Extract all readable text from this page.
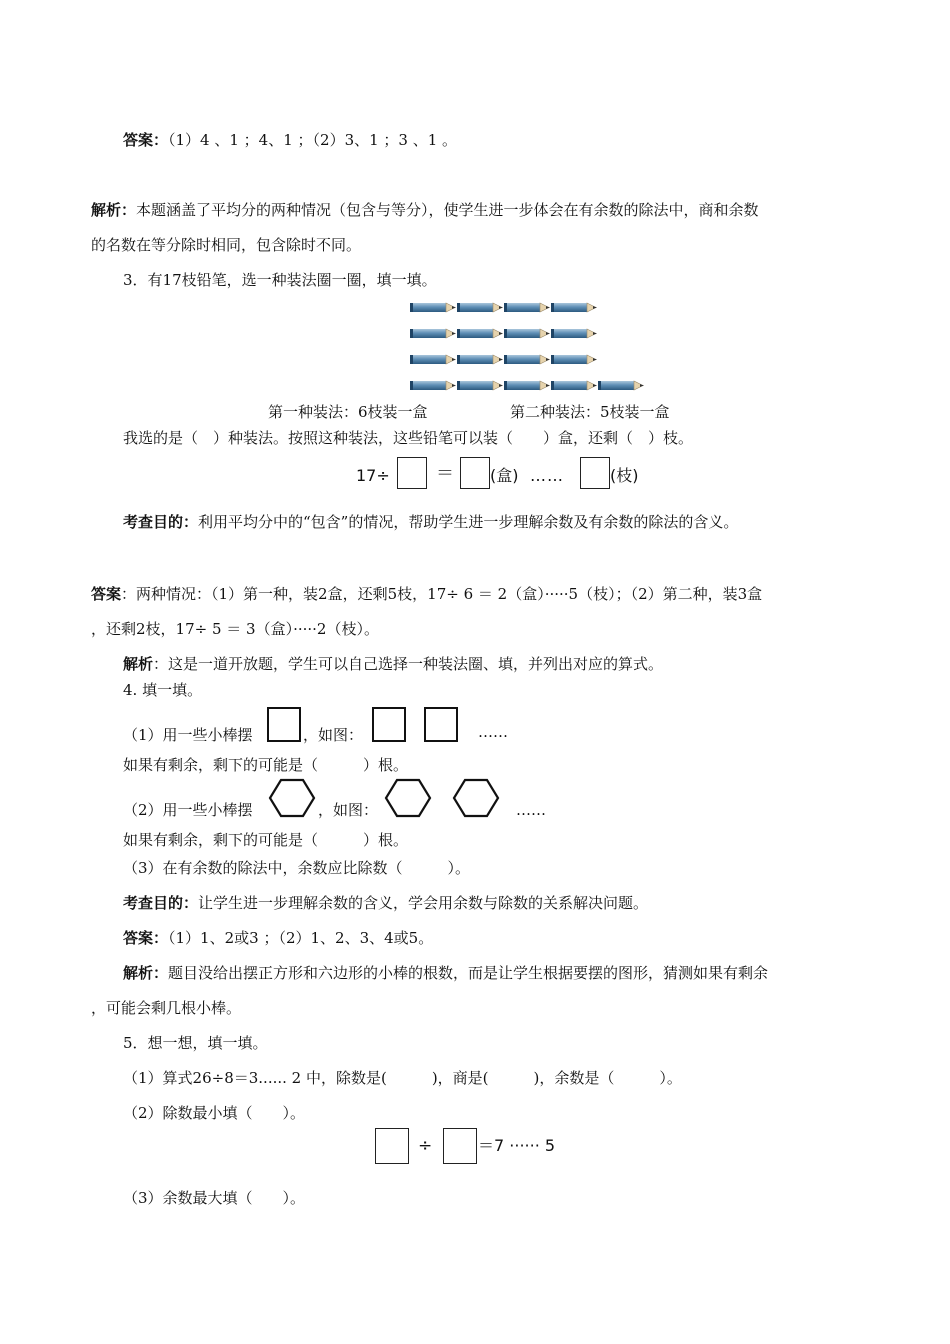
答案：（1）4 、1 ；4、1 ；（2）3、1 ；3 、1 。
解析：本题涵盖了平均分的两种情况（包含与等分），使学生进一步体会在有余数的除法中，商和余数
的名数在等分除时相同，包含除时不同。
3．有17枝铅笔，选一种装法圈一圈，填一填。
第一种装法：6枝装一盒	第二种装法：5枝装一盒
我选的是（　）种装法。按照这种装法，这些铅笔可以装（　　）盒，还剩（　）枝。
17÷	＝ (盒) ……	(枝)
考查目的：利用平均分中的“包含”的情况，帮助学生进一步理解余数及有余数的除法的含义。
答案：两种情况：（1）第一种，装2盒，还剩5枝，17÷ 6 ＝ 2（盒）·····5（枝）；（2）第二种，装3盒
，还剩2枝，17÷ 5 ＝ 3（盒）·····2（枝）。
解析：这是一道开放题，学生可以自己选择一种装法圈、填，并列出对应的算式。
4. 填一填。
（1）用一些小棒摆	，如图：	……
如果有剩余，剩下的可能是（　　　）根。
（2）用一些小棒摆	，如图：	……
如果有剩余，剩下的可能是（　　　）根。
（3）在有余数的除法中，余数应比除数（　　　）。
考查目的：让学生进一步理解余数的含义，学会用余数与除数的关系解决问题。
答案：（1）1、2或3 ；（2）1、2、3、4或5。
解析：题目没给出摆正方形和六边形的小棒的根数，而是让学生根据要摆的图形，猜测如果有剩余
，可能会剩几根小棒。
5．想一想，填一填。
（1）算式26÷8＝3...... 2 中，除数是(　　　)，商是(　　　)，余数是（　　　）。
（2）除数最小填（　　）。
÷	＝7 ······ 5
（3）余数最大填（　　）。
